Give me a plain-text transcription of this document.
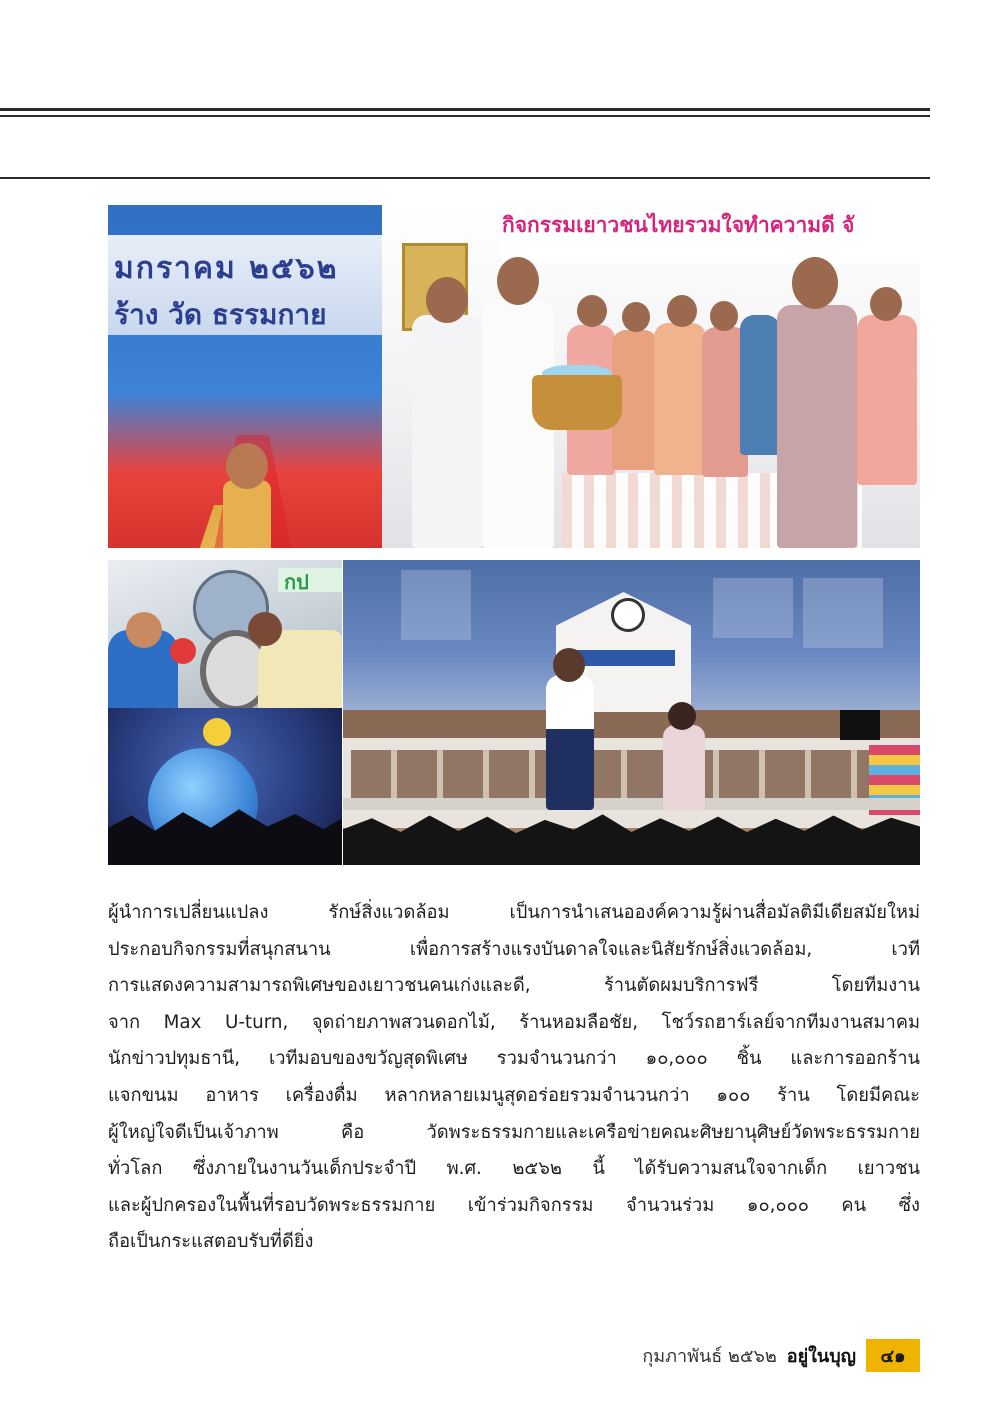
มกราคม ๒๕๖๒
ร้าง วัด ธรรมกาย
กิจกรรมเยาวชนไทยรวมใจทำความดี จั
กป
ผู้นำการเปลี่ยนแปลง รักษ์สิ่งแวดล้อม เป็นการนำเสนอองค์ความรู้ผ่านสื่อมัลติมีเดียสมัยใหม่
ประกอบกิจกรรมที่สนุกสนาน เพื่อการสร้างแรงบันดาลใจและนิสัยรักษ์สิ่งแวดล้อม, เวที
การแสดงความสามารถพิเศษของเยาวชนคนเก่งและดี, ร้านตัดผมบริการฟรี โดยทีมงาน
จาก Max U-turn, จุดถ่ายภาพสวนดอกไม้, ร้านหอมลือชัย, โชว์รถฮาร์เลย์จากทีมงานสมาคม
นักข่าวปทุมธานี, เวทีมอบของขวัญสุดพิเศษ รวมจำนวนกว่า ๑๐,๐๐๐ ชิ้น และการออกร้าน
แจกขนม อาหาร เครื่องดื่ม หลากหลายเมนูสุดอร่อยรวมจำนวนกว่า ๑๐๐ ร้าน โดยมีคณะ
ผู้ใหญ่ใจดีเป็นเจ้าภาพ คือ วัดพระธรรมกายและเครือข่ายคณะศิษยานุศิษย์วัดพระธรรมกาย
ทั่วโลก ซึ่งภายในงานวันเด็กประจำปี พ.ศ. ๒๕๖๒ นี้ ได้รับความสนใจจากเด็ก เยาวชน
และผู้ปกครองในพื้นที่รอบวัดพระธรรมกาย เข้าร่วมกิจกรรม จำนวนร่วม ๑๐,๐๐๐ คน ซึ่ง
ถือเป็นกระแสตอบรับที่ดียิ่ง
กุมภาพันธ์ ๒๕๖๒ อยู่ในบุญ	๔๑
